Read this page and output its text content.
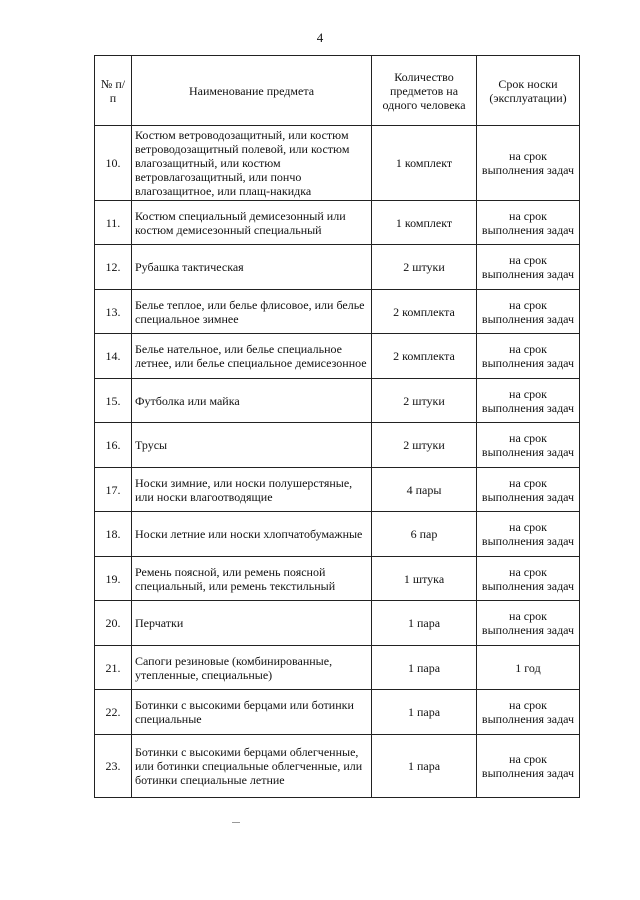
4
№ п/п	Наименование предмета	Количество предметов на одного человека	Срок носки (эксплуатации)
10.	Костюм ветроводозащитный, или костюм ветроводозащитный полевой, или костюм влагозащитный, или костюм ветровлагозащитный, или пончо влагозащитное, или плащ-накидка	1 комплект	на срок выполнения задач
11.	Костюм специальный демисезонный или костюм демисезонный специальный	1 комплект	на срок выполнения задач
12.	Рубашка тактическая	2 штуки	на срок выполнения задач
13.	Белье теплое, или белье флисовое, или белье специальное зимнее	2 комплекта	на срок выполнения задач
14.	Белье нательное, или белье специальное летнее, или белье специальное демисезонное	2 комплекта	на срок выполнения задач
15.	Футболка или майка	2 штуки	на срок выполнения задач
16.	Трусы	2 штуки	на срок выполнения задач
17.	Носки зимние, или носки полушерстяные, или носки влагоотводящие	4 пары	на срок выполнения задач
18.	Носки летние или носки хлопчатобумажные	6 пар	на срок выполнения задач
19.	Ремень поясной, или ремень поясной специальный, или ремень текстильный	1 штука	на срок выполнения задач
20.	Перчатки	1 пара	на срок выполнения задач
21.	Сапоги резиновые (комбинированные, утепленные, специальные)	1 пара	1 год
22.	Ботинки с высокими берцами или ботинки специальные	1 пара	на срок выполнения задач
23.	Ботинки с высокими берцами облегченные, или ботинки специальные облегченные, или ботинки специальные летние	1 пара	на срок выполнения задач
